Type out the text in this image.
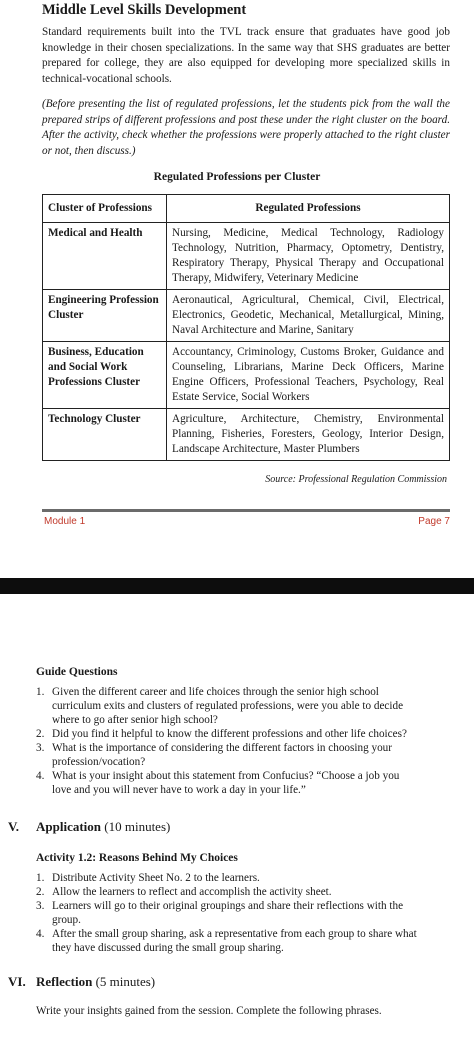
Middle Level Skills Development

Standard requirements built into the TVL track ensure that graduates have good job knowledge in their chosen specializations. In the same way that SHS graduates are better prepared for college, they are also equipped for developing more specialized skills in technical-vocational schools.

(Before presenting the list of regulated professions, let the students pick from the wall the prepared strips of different professions and post these under the right cluster on the board. After the activity, check whether the professions were properly attached to the right cluster or not, then discuss.)

Regulated Professions per Cluster
Cluster of Professions	Regulated Professions
Medical and Health	Nursing, Medicine, Medical Technology, Radiology Technology, Nutrition, Pharmacy, Optometry, Dentistry, Respiratory Therapy, Physical Therapy and Occupational Therapy, Midwifery, Veterinary Medicine
Engineering Profession Cluster	Aeronautical, Agricultural, Chemical, Civil, Electrical, Electronics, Geodetic, Mechanical, Metallurgical, Mining, Naval Architecture and Marine, Sanitary
Business, Education and Social Work Professions Cluster	Accountancy, Criminology, Customs Broker, Guidance and Counseling, Librarians, Marine Deck Officers, Marine Engine Officers, Professional Teachers, Psychology, Real Estate Service, Social Workers
Technology Cluster	Agriculture, Architecture, Chemistry, Environmental Planning, Fisheries, Foresters, Geology, Interior Design, Landscape Architecture, Master Plumbers
Source: Professional Regulation Commission
Module 1	Page 7
Guide Questions
1. Given the different career and life choices through the senior high school curriculum exits and clusters of regulated professions, were you able to decide where to go after senior high school?
2. Did you find it helpful to know the different professions and other life choices?
3. What is the importance of considering the different factors in choosing your profession/vocation?
4. What is your insight about this statement from Confucius? “Choose a job you love and you will never have to work a day in your life.”
V. Application (10 minutes)
Activity 1.2: Reasons Behind My Choices
1. Distribute Activity Sheet No. 2 to the learners.
2. Allow the learners to reflect and accomplish the activity sheet.
3. Learners will go to their original groupings and share their reflections with the group.
4. After the small group sharing, ask a representative from each group to share what they have discussed during the small group sharing.
VI. Reflection (5 minutes)
Write your insights gained from the session. Complete the following phrases.
